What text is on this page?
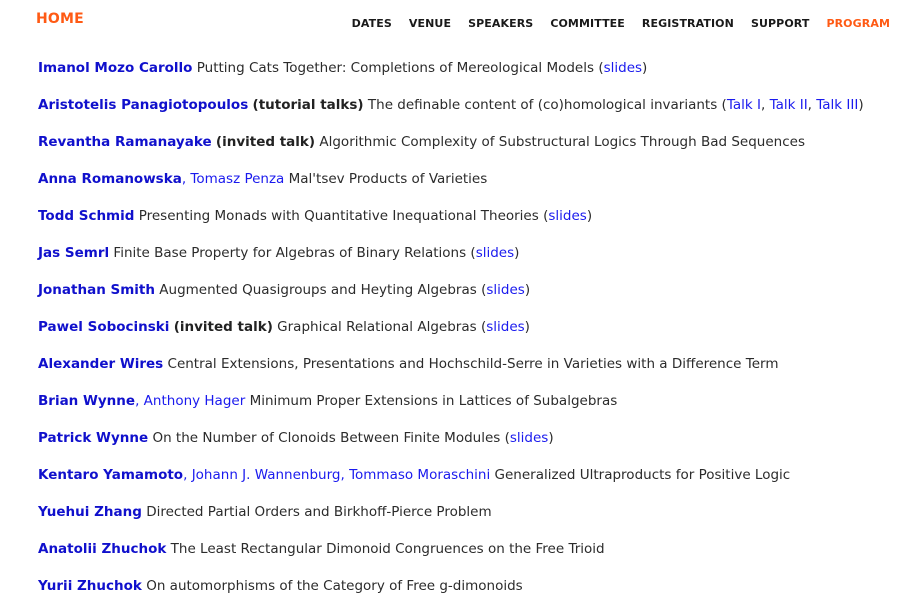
HOME	DATES VENUE SPEAKERS COMMITTEE REGISTRATION SUPPORT PROGRAM
Imanol Mozo Carollo Putting Cats Together: Completions of Mereological Models (slides)
Aristotelis Panagiotopoulos (tutorial talks) The definable content of (co)homological invariants (Talk I, Talk II, Talk III)
Revantha Ramanayake (invited talk) Algorithmic Complexity of Substructural Logics Through Bad Sequences
Anna Romanowska, Tomasz Penza Mal'tsev Products of Varieties
Todd Schmid Presenting Monads with Quantitative Inequational Theories (slides)
Jas Semrl Finite Base Property for Algebras of Binary Relations (slides)
Jonathan Smith Augmented Quasigroups and Heyting Algebras (slides)
Pawel Sobocinski (invited talk) Graphical Relational Algebras (slides)
Alexander Wires Central Extensions, Presentations and Hochschild-Serre in Varieties with a Difference Term
Brian Wynne, Anthony Hager Minimum Proper Extensions in Lattices of Subalgebras
Patrick Wynne On the Number of Clonoids Between Finite Modules (slides)
Kentaro Yamamoto, Johann J. Wannenburg, Tommaso Moraschini Generalized Ultraproducts for Positive Logic
Yuehui Zhang Directed Partial Orders and Birkhoff-Pierce Problem
Anatolii Zhuchok The Least Rectangular Dimonoid Congruences on the Free Trioid
Yurii Zhuchok On automorphisms of the Category of Free g-dimonoids
